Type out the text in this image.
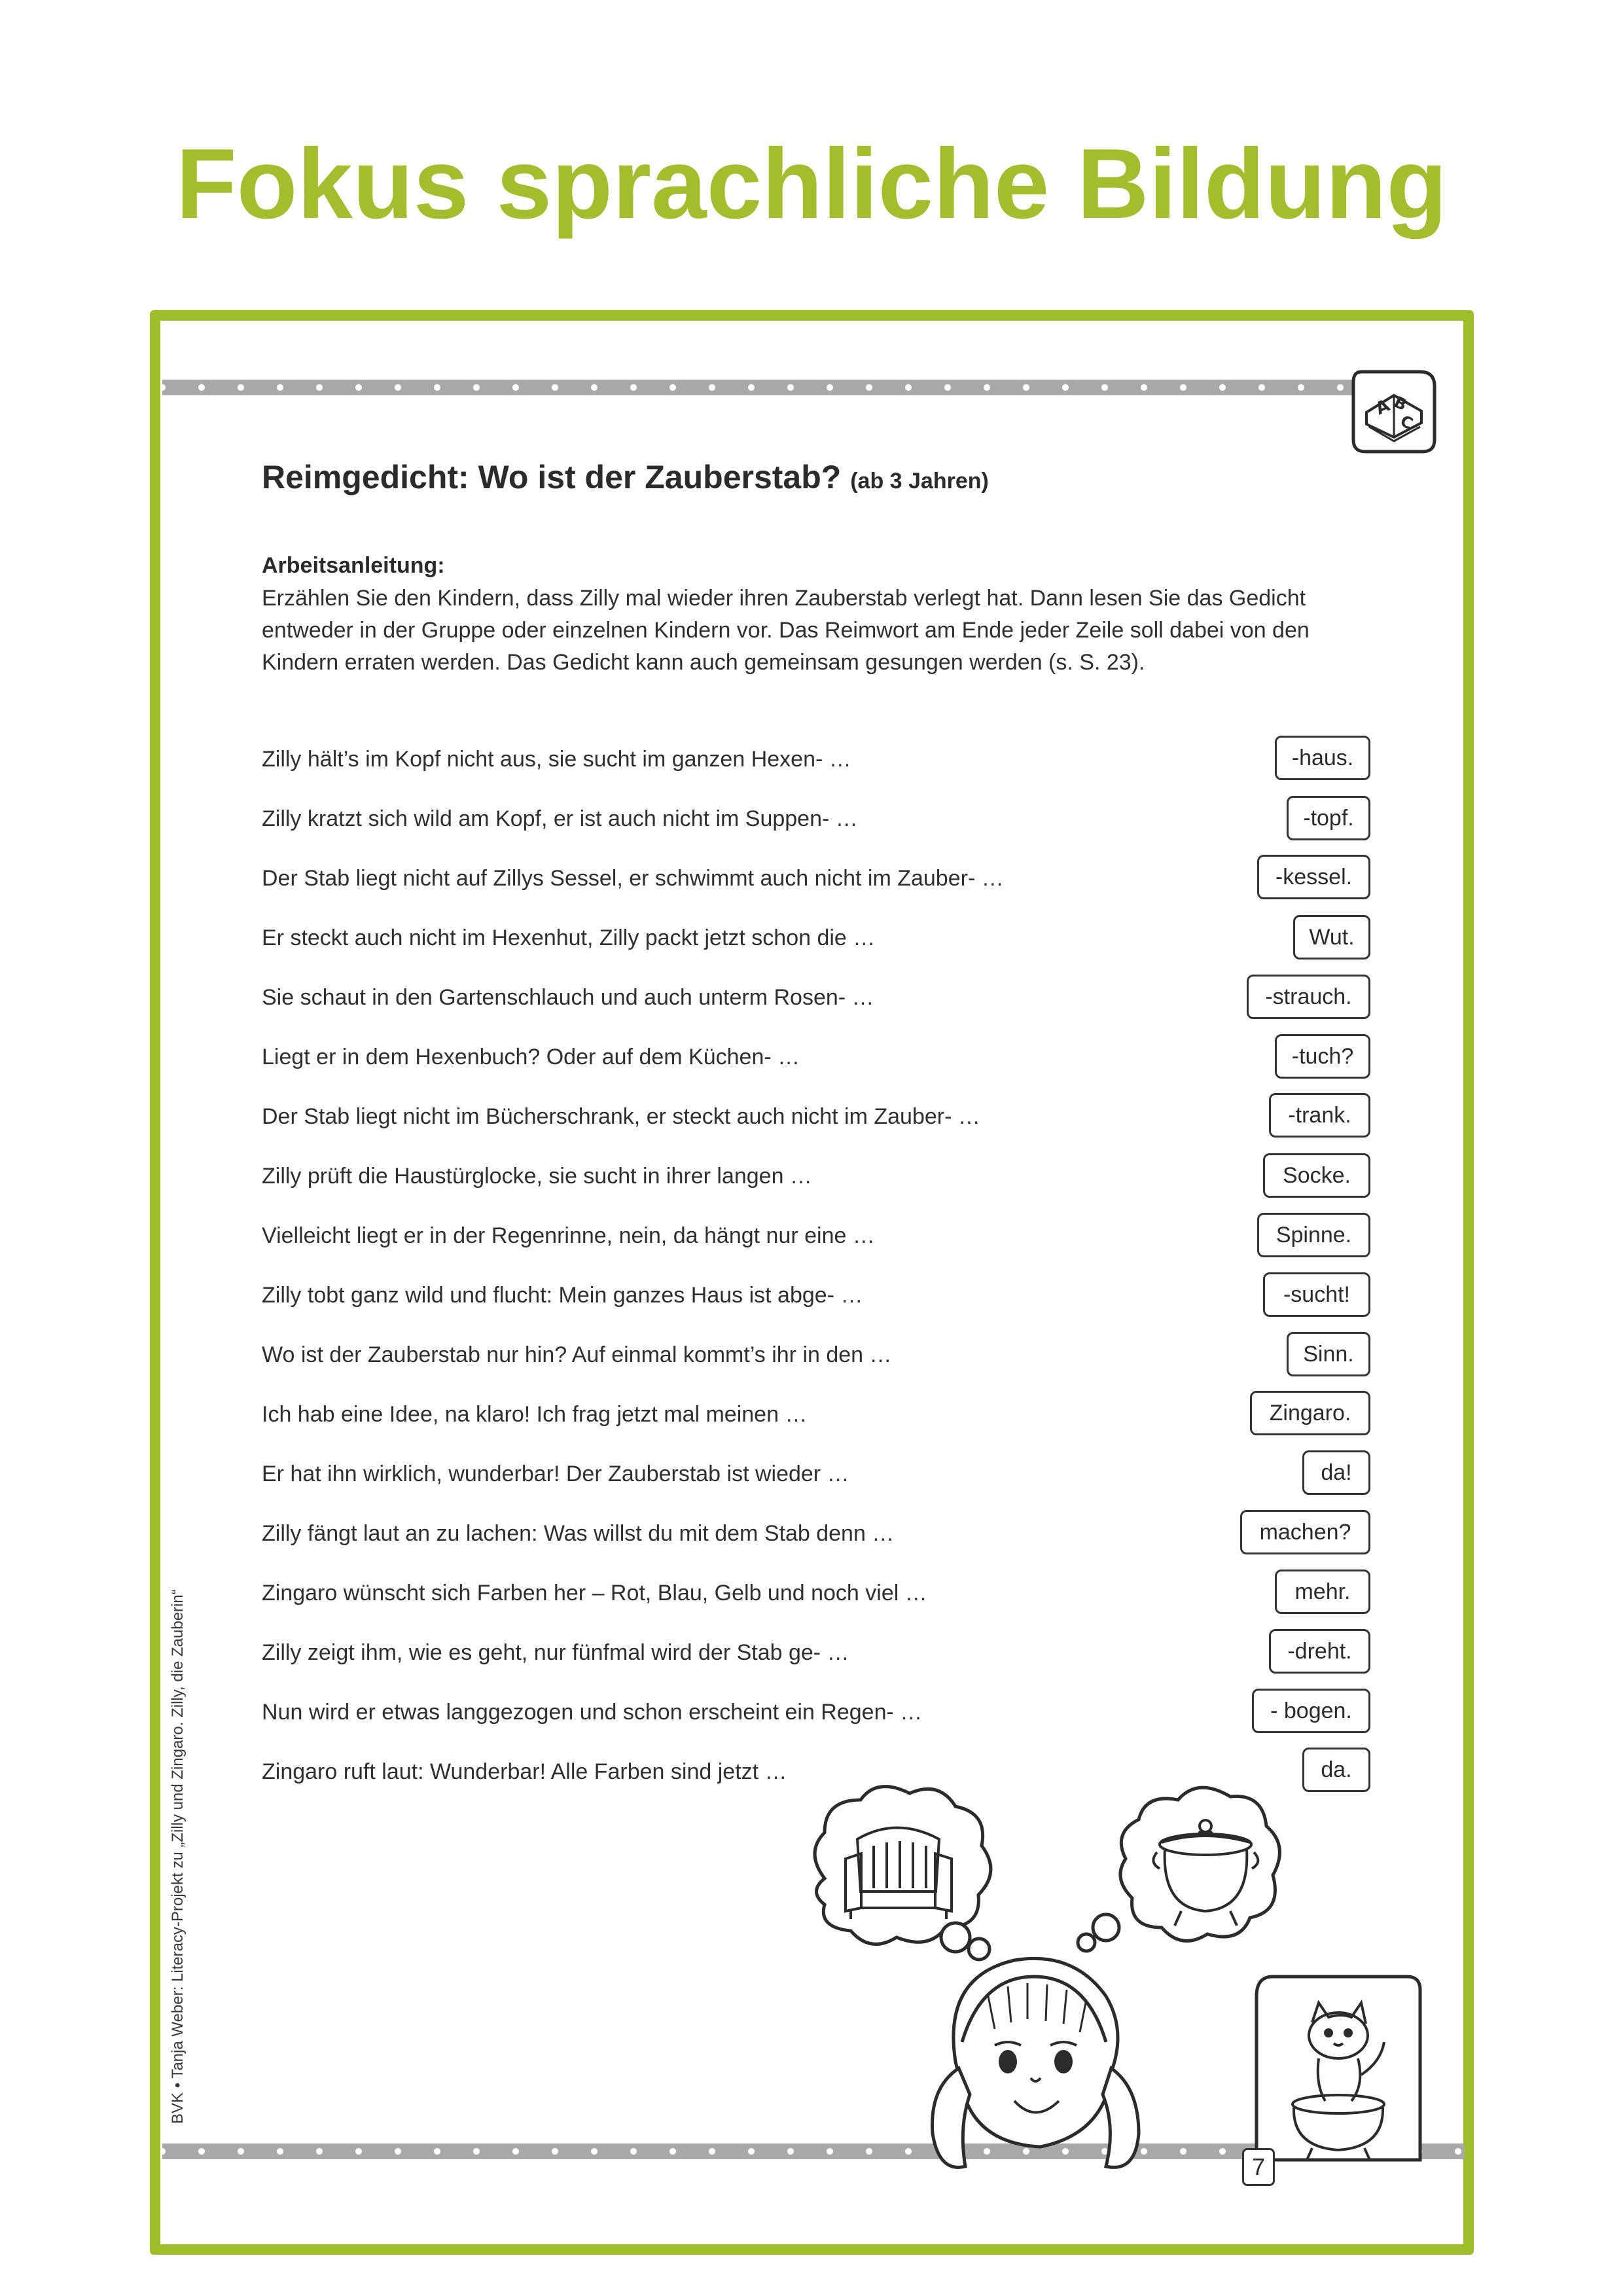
Fokus sprachliche Bildung
A
B
C
Reimgedicht: Wo ist der Zauberstab? (ab 3 Jahren)
Arbeitsanleitung:
Erzählen Sie den Kindern, dass Zilly mal wieder ihren Zauberstab verlegt hat. Dann lesen Sie das Gedicht entweder in der Gruppe oder einzelnen Kindern vor. Das Reimwort am Ende jeder Zeile soll dabei von den Kindern erraten werden. Das Gedicht kann auch gemeinsam gesungen werden (s. S. 23).
Zilly hält’s im Kopf nicht aus, sie sucht im ganzen Hexen- …
Zilly kratzt sich wild am Kopf, er ist auch nicht im Suppen- …
Der Stab liegt nicht auf Zillys Sessel, er schwimmt auch nicht im Zauber- …
Er steckt auch nicht im Hexenhut, Zilly packt jetzt schon die …
Sie schaut in den Gartenschlauch und auch unterm Rosen- …
Liegt er in dem Hexenbuch? Oder auf dem Küchen- …
Der Stab liegt nicht im Bücherschrank, er steckt auch nicht im Zauber- …
Zilly prüft die Haustürglocke, sie sucht in ihrer langen …
Vielleicht liegt er in der Regenrinne, nein, da hängt nur eine …
Zilly tobt ganz wild und flucht: Mein ganzes Haus ist abge- …
Wo ist der Zauberstab nur hin? Auf einmal kommt’s ihr in den …
Ich hab eine Idee, na klaro! Ich frag jetzt mal meinen …
Er hat ihn wirklich, wunderbar! Der Zauberstab ist wieder …
Zilly fängt laut an zu lachen: Was willst du mit dem Stab denn …
Zingaro wünscht sich Farben her – Rot, Blau, Gelb und noch viel …
Zilly zeigt ihm, wie es geht, nur fünfmal wird der Stab ge- …
Nun wird er etwas langgezogen und schon erscheint ein Regen- …
Zingaro ruft laut: Wunderbar! Alle Farben sind jetzt …
-haus.
-topf.
-kessel.
Wut.
-strauch.
-tuch?
-trank.
Socke.
Spinne.
-sucht!
Sinn.
Zingaro.
da!
machen?
mehr.
-dreht.
- bogen.
da.
7
BVK • Tanja Weber: Literacy-Projekt zu „Zilly und Zingaro. Zilly, die Zauberin“
